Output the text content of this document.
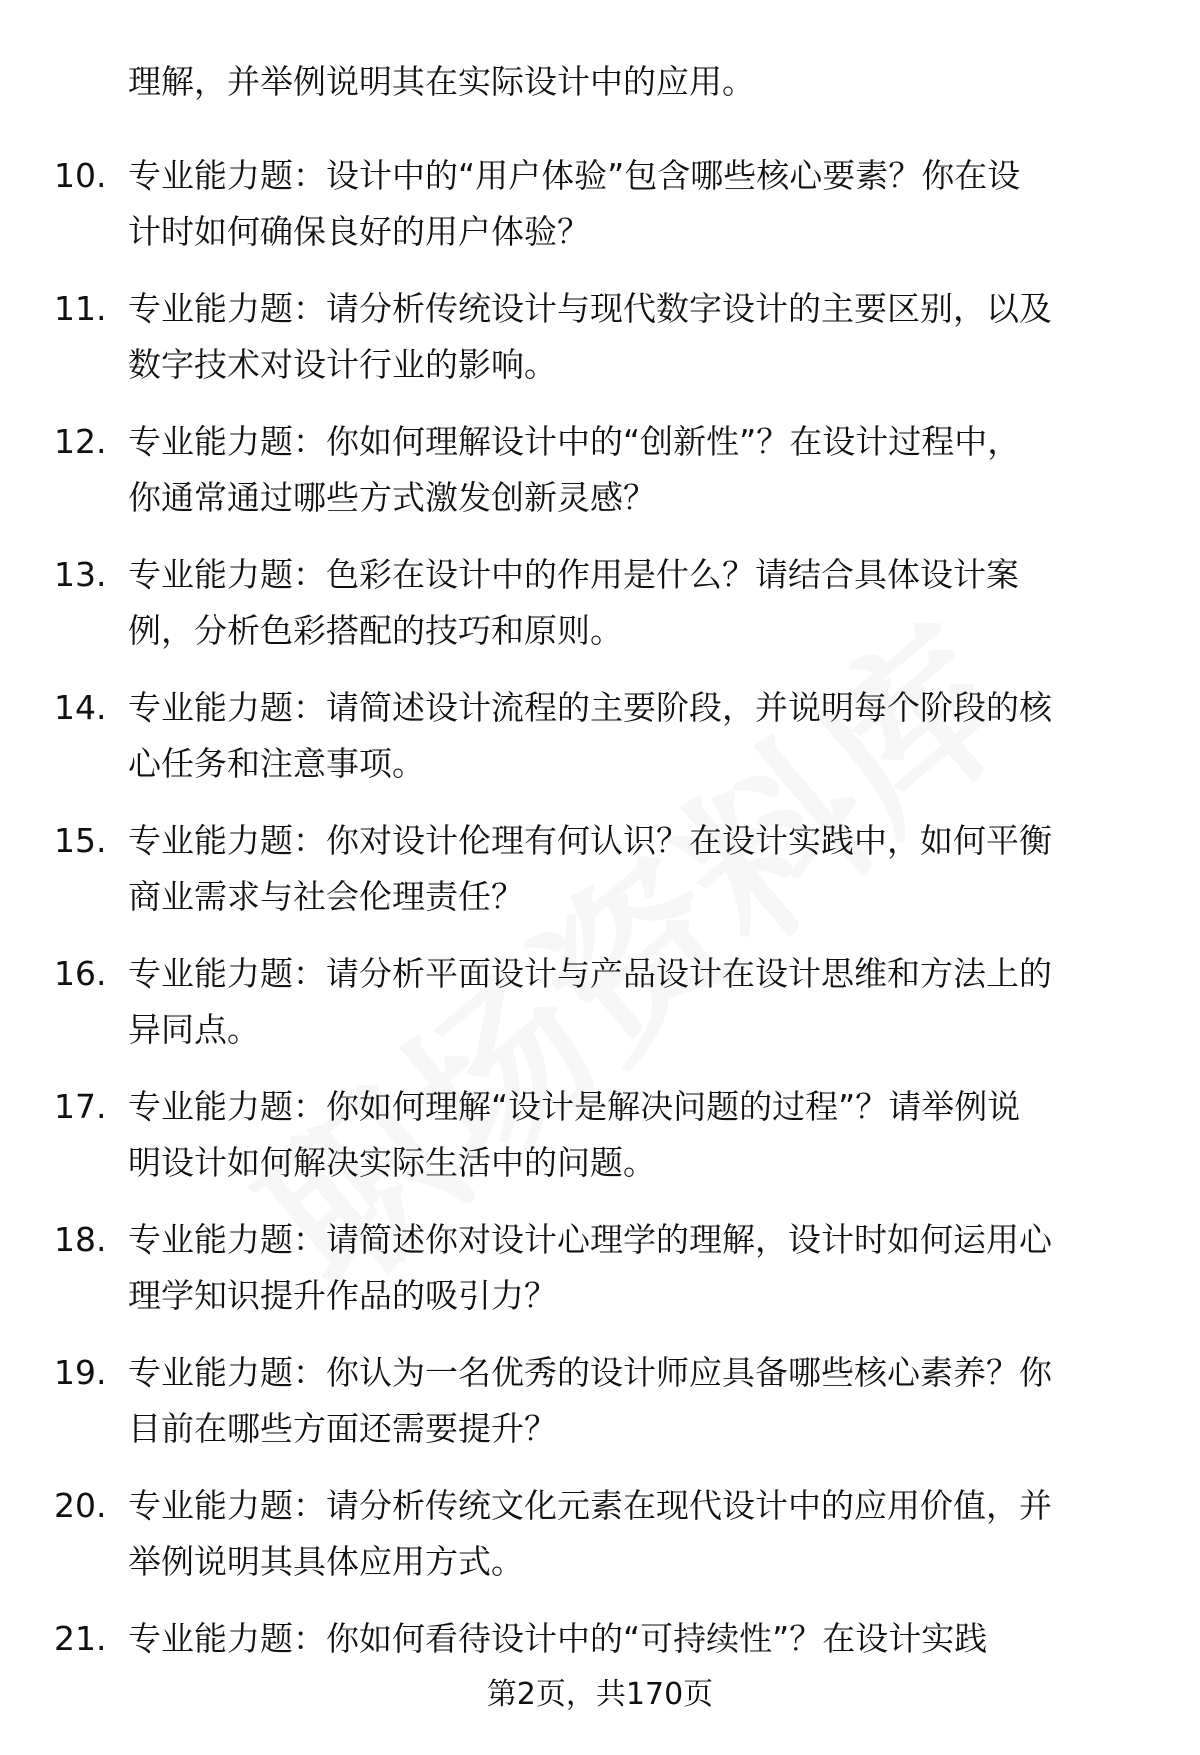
理解，并举例说明其在实际设计中的应用。
10. 专业能力题：设计中的“用户体验”包含哪些核心要素？你在设
计时如何确保良好的用户体验？
11. 专业能力题：请分析传统设计与现代数字设计的主要区别，以及
数字技术对设计行业的影响。
12. 专业能力题：你如何理解设计中的“创新性”？在设计过程中，
你通常通过哪些方式激发创新灵感？
13. 专业能力题：色彩在设计中的作用是什么？请结合具体设计案
例，分析色彩搭配的技巧和原则。
14. 专业能力题：请简述设计流程的主要阶段，并说明每个阶段的核
心任务和注意事项。
15. 专业能力题：你对设计伦理有何认识？在设计实践中，如何平衡
商业需求与社会伦理责任？
16. 专业能力题：请分析平面设计与产品设计在设计思维和方法上的
异同点。
17. 专业能力题：你如何理解“设计是解决问题的过程”？请举例说
明设计如何解决实际生活中的问题。
18. 专业能力题：请简述你对设计心理学的理解，设计时如何运用心
理学知识提升作品的吸引力？
19. 专业能力题：你认为一名优秀的设计师应具备哪些核心素养？你
目前在哪些方面还需要提升？
20. 专业能力题：请分析传统文化元素在现代设计中的应用价值，并
举例说明其具体应用方式。
21. 专业能力题：你如何看待设计中的“可持续性”？在设计实践
第2页，共170页
